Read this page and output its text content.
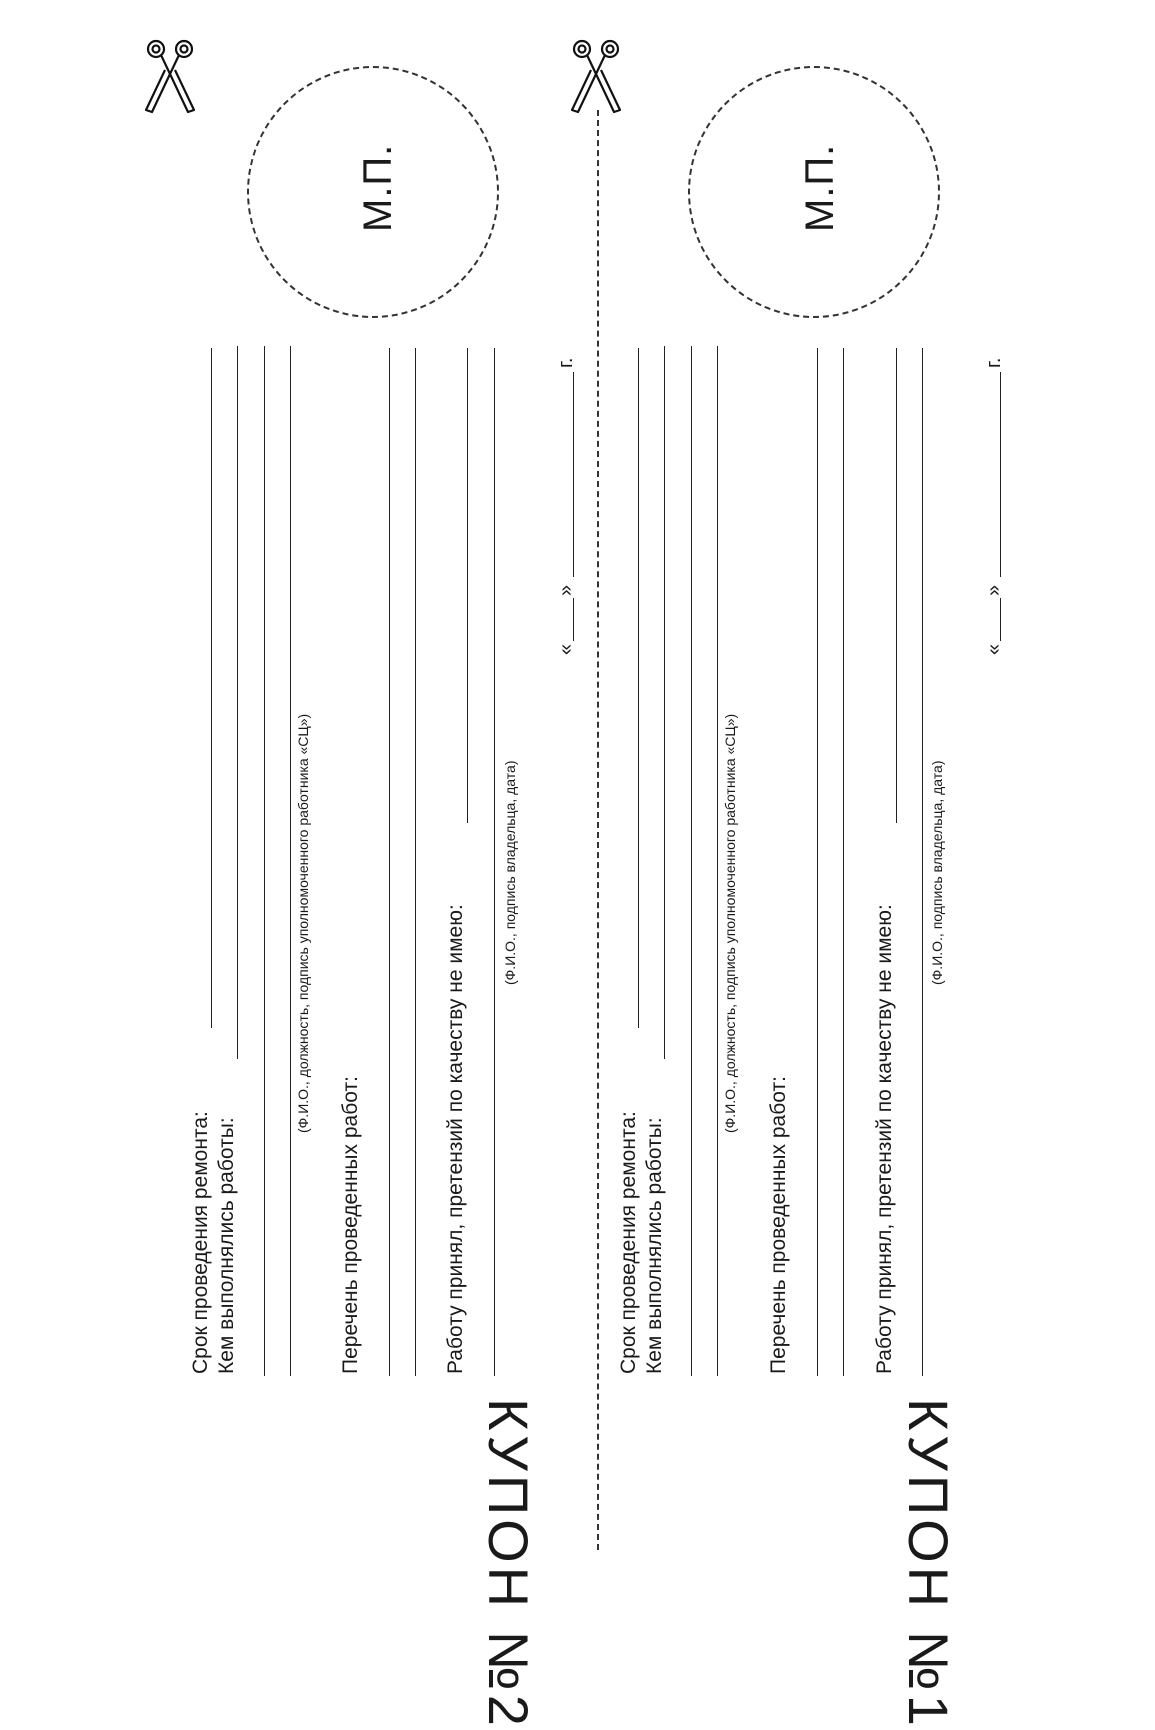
М.П.
КУПОН №2
Срок проведения ремонта: Кем выполнялись работы:
(Ф.И.О., должность, подпись уполномоченного работника «СЦ»)
Перечень проведенных работ:	Работу принял, претензий по качеству не имею:
(Ф.И.О., подпись владельца, дата)
«
»
г.
М.П.
КУПОН №1
Срок проведения ремонта: Кем выполнялись работы:
(Ф.И.О., должность, подпись уполномоченного работника «СЦ»)
Перечень проведенных работ:	Работу принял, претензий по качеству не имею:
(Ф.И.О., подпись владельца, дата)
«
»
г.
